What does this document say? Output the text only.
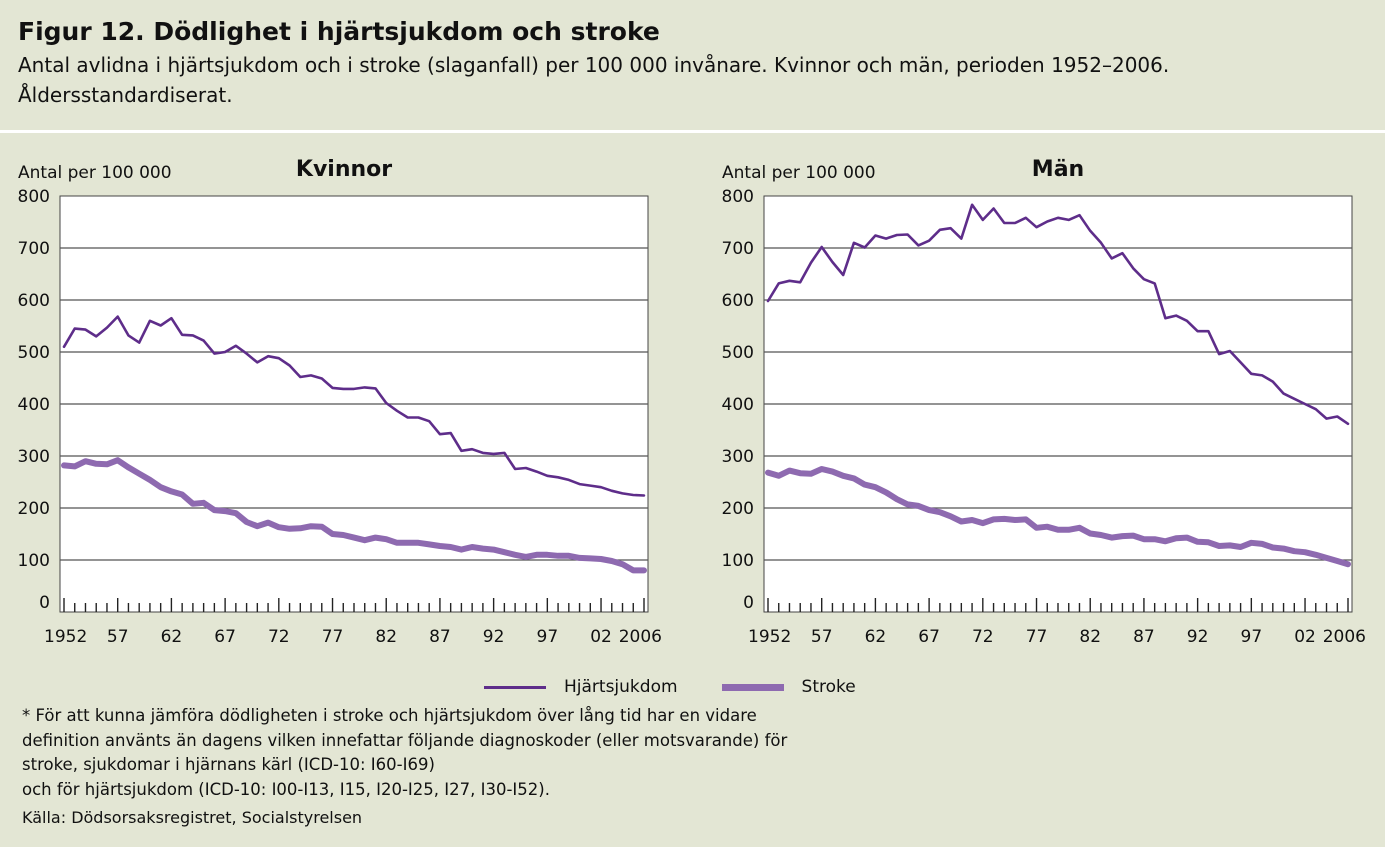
Figur 12. Dödlighet i hjärtsjukdom och stroke
Antal avlidna i hjärtsjukdom och i stroke (slaganfall) per 100 000 invånare. Kvinnor och män, perioden 1952–2006.
Åldersstandardiserat.
0
100
200
300
400
500
600
700
800
1952 57 62 67 72 77 82 87 92 97 02 2006
Antal per 100 000	Kvinnor
0
100
200
300
400
500
600
700
800
1952 57 62 67 72 77 82 87 92 97 02 2006
Antal per 100 000	Män
Hjärtsjukdom	Stroke
* För att kunna jämföra dödligheten i stroke och hjärtsjukdom över lång tid har en vidare
definition använts än dagens vilken innefattar följande diagnoskoder (eller motsvarande) för
stroke, sjukdomar i hjärnans kärl (ICD-10: I60-I69)
och för hjärtsjukdom (ICD-10: I00-I13, I15, I20-I25, I27, I30-I52).
Källa: Dödsorsaksregistret, Socialstyrelsen
